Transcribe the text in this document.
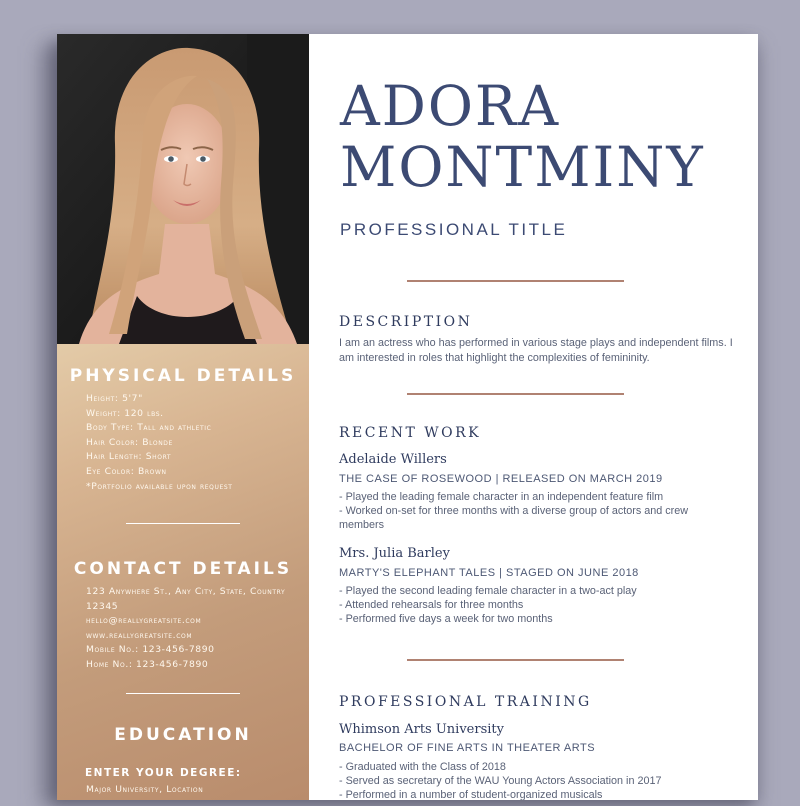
PHYSICAL DETAILS
Height: 5'7"
Weight: 120 lbs.
Body Type: Tall and athletic
Hair Color: Blonde
Hair Length: Short
Eye Color: Brown
*Portfolio available upon request
CONTACT DETAILS
123 Anywhere St., Any City, State, Country
12345
hello@reallygreatsite.com
www.reallygreatsite.com
Mobile No.: 123-456-7890
Home No.: 123-456-7890
EDUCATION
ENTER YOUR DEGREE:
Major University, Location
ADORA
MONTMINY
PROFESSIONAL TITLE
DESCRIPTION
I am an actress who has performed in various stage plays and independent films. I am interested in roles that highlight the complexities of femininity.
RECENT WORK
Adelaide Willers
THE CASE OF ROSEWOOD | RELEASED ON MARCH 2019
- Played the leading female character in an independent feature film
- Worked on-set for three months with a diverse group of actors and crew members
Mrs. Julia Barley
MARTY'S ELEPHANT TALES | STAGED ON JUNE 2018
- Played the second leading female character in a two-act play
- Attended rehearsals for three months
- Performed five days a week for two months
PROFESSIONAL TRAINING
Whimson Arts University
BACHELOR OF FINE ARTS IN THEATER ARTS
- Graduated with the Class of 2018
- Served as secretary of the WAU Young Actors Association in 2017
- Performed in a number of student-organized musicals
